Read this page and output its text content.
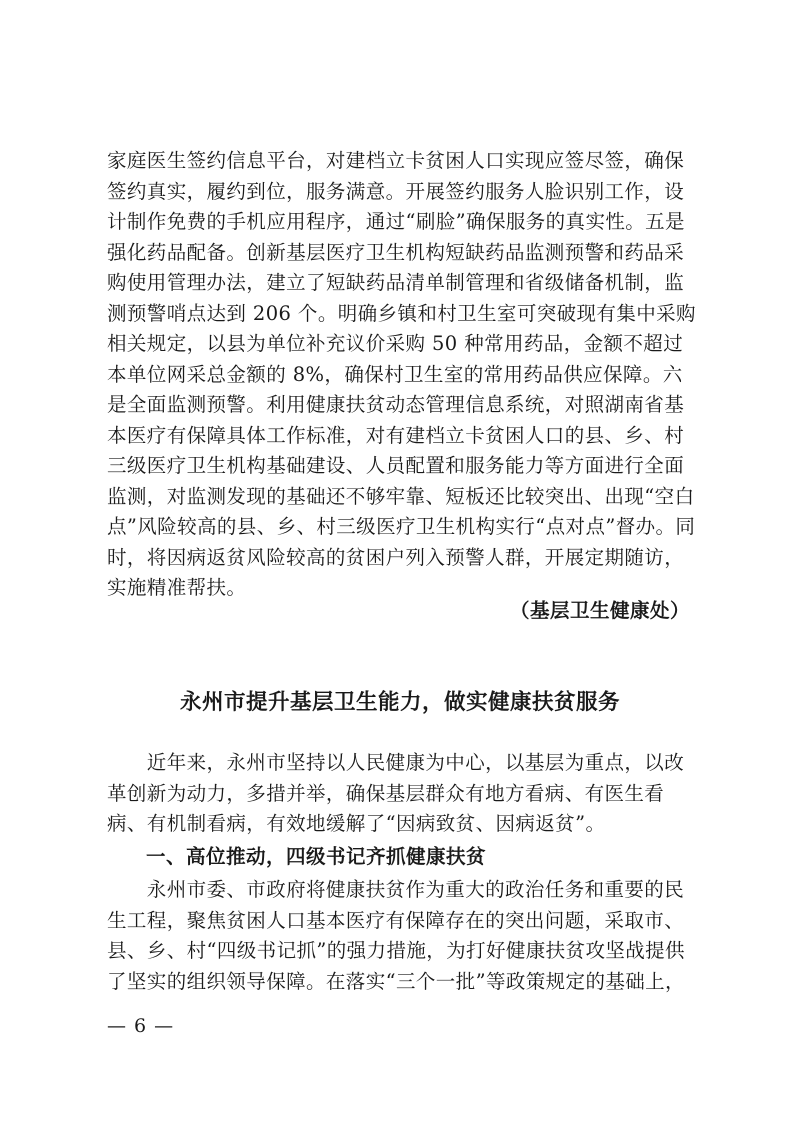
家庭医生签约信息平台，对建档立卡贫困人口实现应签尽签，确保
签约真实，履约到位，服务满意。开展签约服务人脸识别工作，设
计制作免费的手机应用程序，通过“刷脸”确保服务的真实性。五是
强化药品配备。创新基层医疗卫生机构短缺药品监测预警和药品采
购使用管理办法，建立了短缺药品清单制管理和省级储备机制，监
测预警哨点达到 206 个。明确乡镇和村卫生室可突破现有集中采购
相关规定，以县为单位补充议价采购 50 种常用药品，金额不超过
本单位网采总金额的 8%，确保村卫生室的常用药品供应保障。六
是全面监测预警。利用健康扶贫动态管理信息系统，对照湖南省基
本医疗有保障具体工作标准，对有建档立卡贫困人口的县、乡、村
三级医疗卫生机构基础建设、人员配置和服务能力等方面进行全面
监测，对监测发现的基础还不够牢靠、短板还比较突出、出现“空白
点”风险较高的县、乡、村三级医疗卫生机构实行“点对点”督办。同
时，将因病返贫风险较高的贫困户列入预警人群，开展定期随访，
实施精准帮扶。
（基层卫生健康处）
永州市提升基层卫生能力，做实健康扶贫服务
　　近年来，永州市坚持以人民健康为中心，以基层为重点，以改
革创新为动力，多措并举，确保基层群众有地方看病、有医生看
病、有机制看病，有效地缓解了“因病致贫、因病返贫”。
一、高位推动，四级书记齐抓健康扶贫
　　永州市委、市政府将健康扶贫作为重大的政治任务和重要的民
生工程，聚焦贫困人口基本医疗有保障存在的突出问题，采取市、
县、乡、村“四级书记抓”的强力措施，为打好健康扶贫攻坚战提供
了坚实的组织领导保障。在落实“三个一批”等政策规定的基础上，
— 6 —
